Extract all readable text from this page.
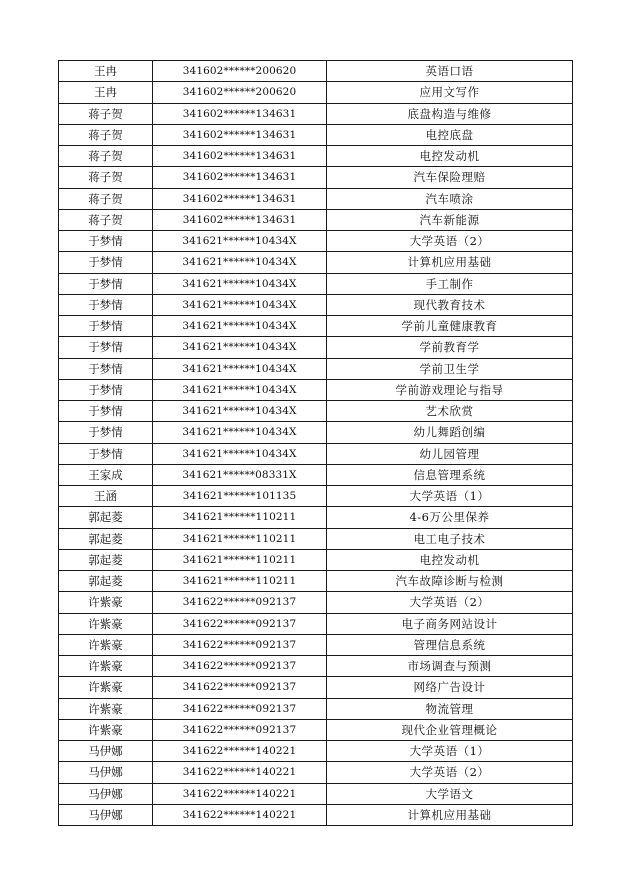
王冉	341602******200620	英语口语
王冉	341602******200620	应用文写作
蒋子贺	341602******134631	底盘构造与维修
蒋子贺	341602******134631	电控底盘
蒋子贺	341602******134631	电控发动机
蒋子贺	341602******134631	汽车保险理赔
蒋子贺	341602******134631	汽车喷涂
蒋子贺	341602******134631	汽车新能源
于梦情	341621******10434X	大学英语（2）
于梦情	341621******10434X	计算机应用基础
于梦情	341621******10434X	手工制作
于梦情	341621******10434X	现代教育技术
于梦情	341621******10434X	学前儿童健康教育
于梦情	341621******10434X	学前教育学
于梦情	341621******10434X	学前卫生学
于梦情	341621******10434X	学前游戏理论与指导
于梦情	341621******10434X	艺术欣赏
于梦情	341621******10434X	幼儿舞蹈创编
于梦情	341621******10434X	幼儿园管理
王家成	341621******08331X	信息管理系统
王涵	341621******101135	大学英语（1）
郭起菱	341621******110211	4-6万公里保养
郭起菱	341621******110211	电工电子技术
郭起菱	341621******110211	电控发动机
郭起菱	341621******110211	汽车故障诊断与检测
许紫豪	341622******092137	大学英语（2）
许紫豪	341622******092137	电子商务网站设计
许紫豪	341622******092137	管理信息系统
许紫豪	341622******092137	市场调查与预测
许紫豪	341622******092137	网络广告设计
许紫豪	341622******092137	物流管理
许紫豪	341622******092137	现代企业管理概论
马伊娜	341622******140221	大学英语（1）
马伊娜	341622******140221	大学英语（2）
马伊娜	341622******140221	大学语文
马伊娜	341622******140221	计算机应用基础
